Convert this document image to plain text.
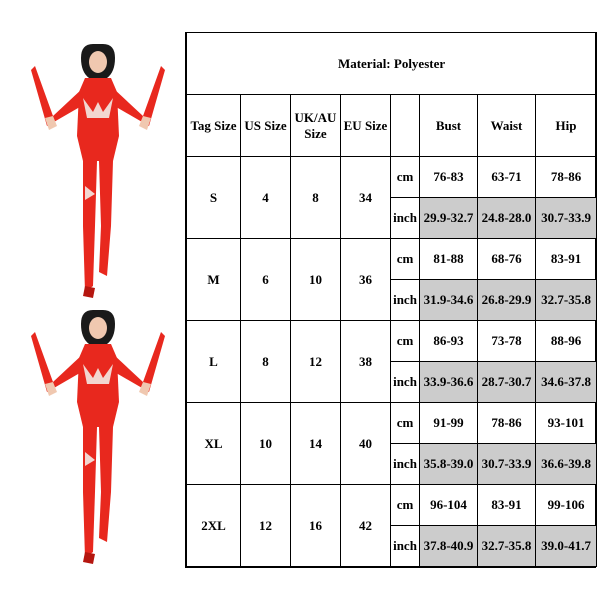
Material: Polyester							
Tag Size	US Size	UK/AU Size	EU Size		Bust	Waist	Hip
S	4	8	34	cm	76-83	63-71	78-86
				inch	29.9-32.7	24.8-28.0	30.7-33.9
M	6	10	36	cm	81-88	68-76	83-91
				inch	31.9-34.6	26.8-29.9	32.7-35.8
L	8	12	38	cm	86-93	73-78	88-96
				inch	33.9-36.6	28.7-30.7	34.6-37.8
XL	10	14	40	cm	91-99	78-86	93-101
				inch	35.8-39.0	30.7-33.9	36.6-39.8
2XL	12	16	42	cm	96-104	83-91	99-106
				inch	37.8-40.9	32.7-35.8	39.0-41.7
